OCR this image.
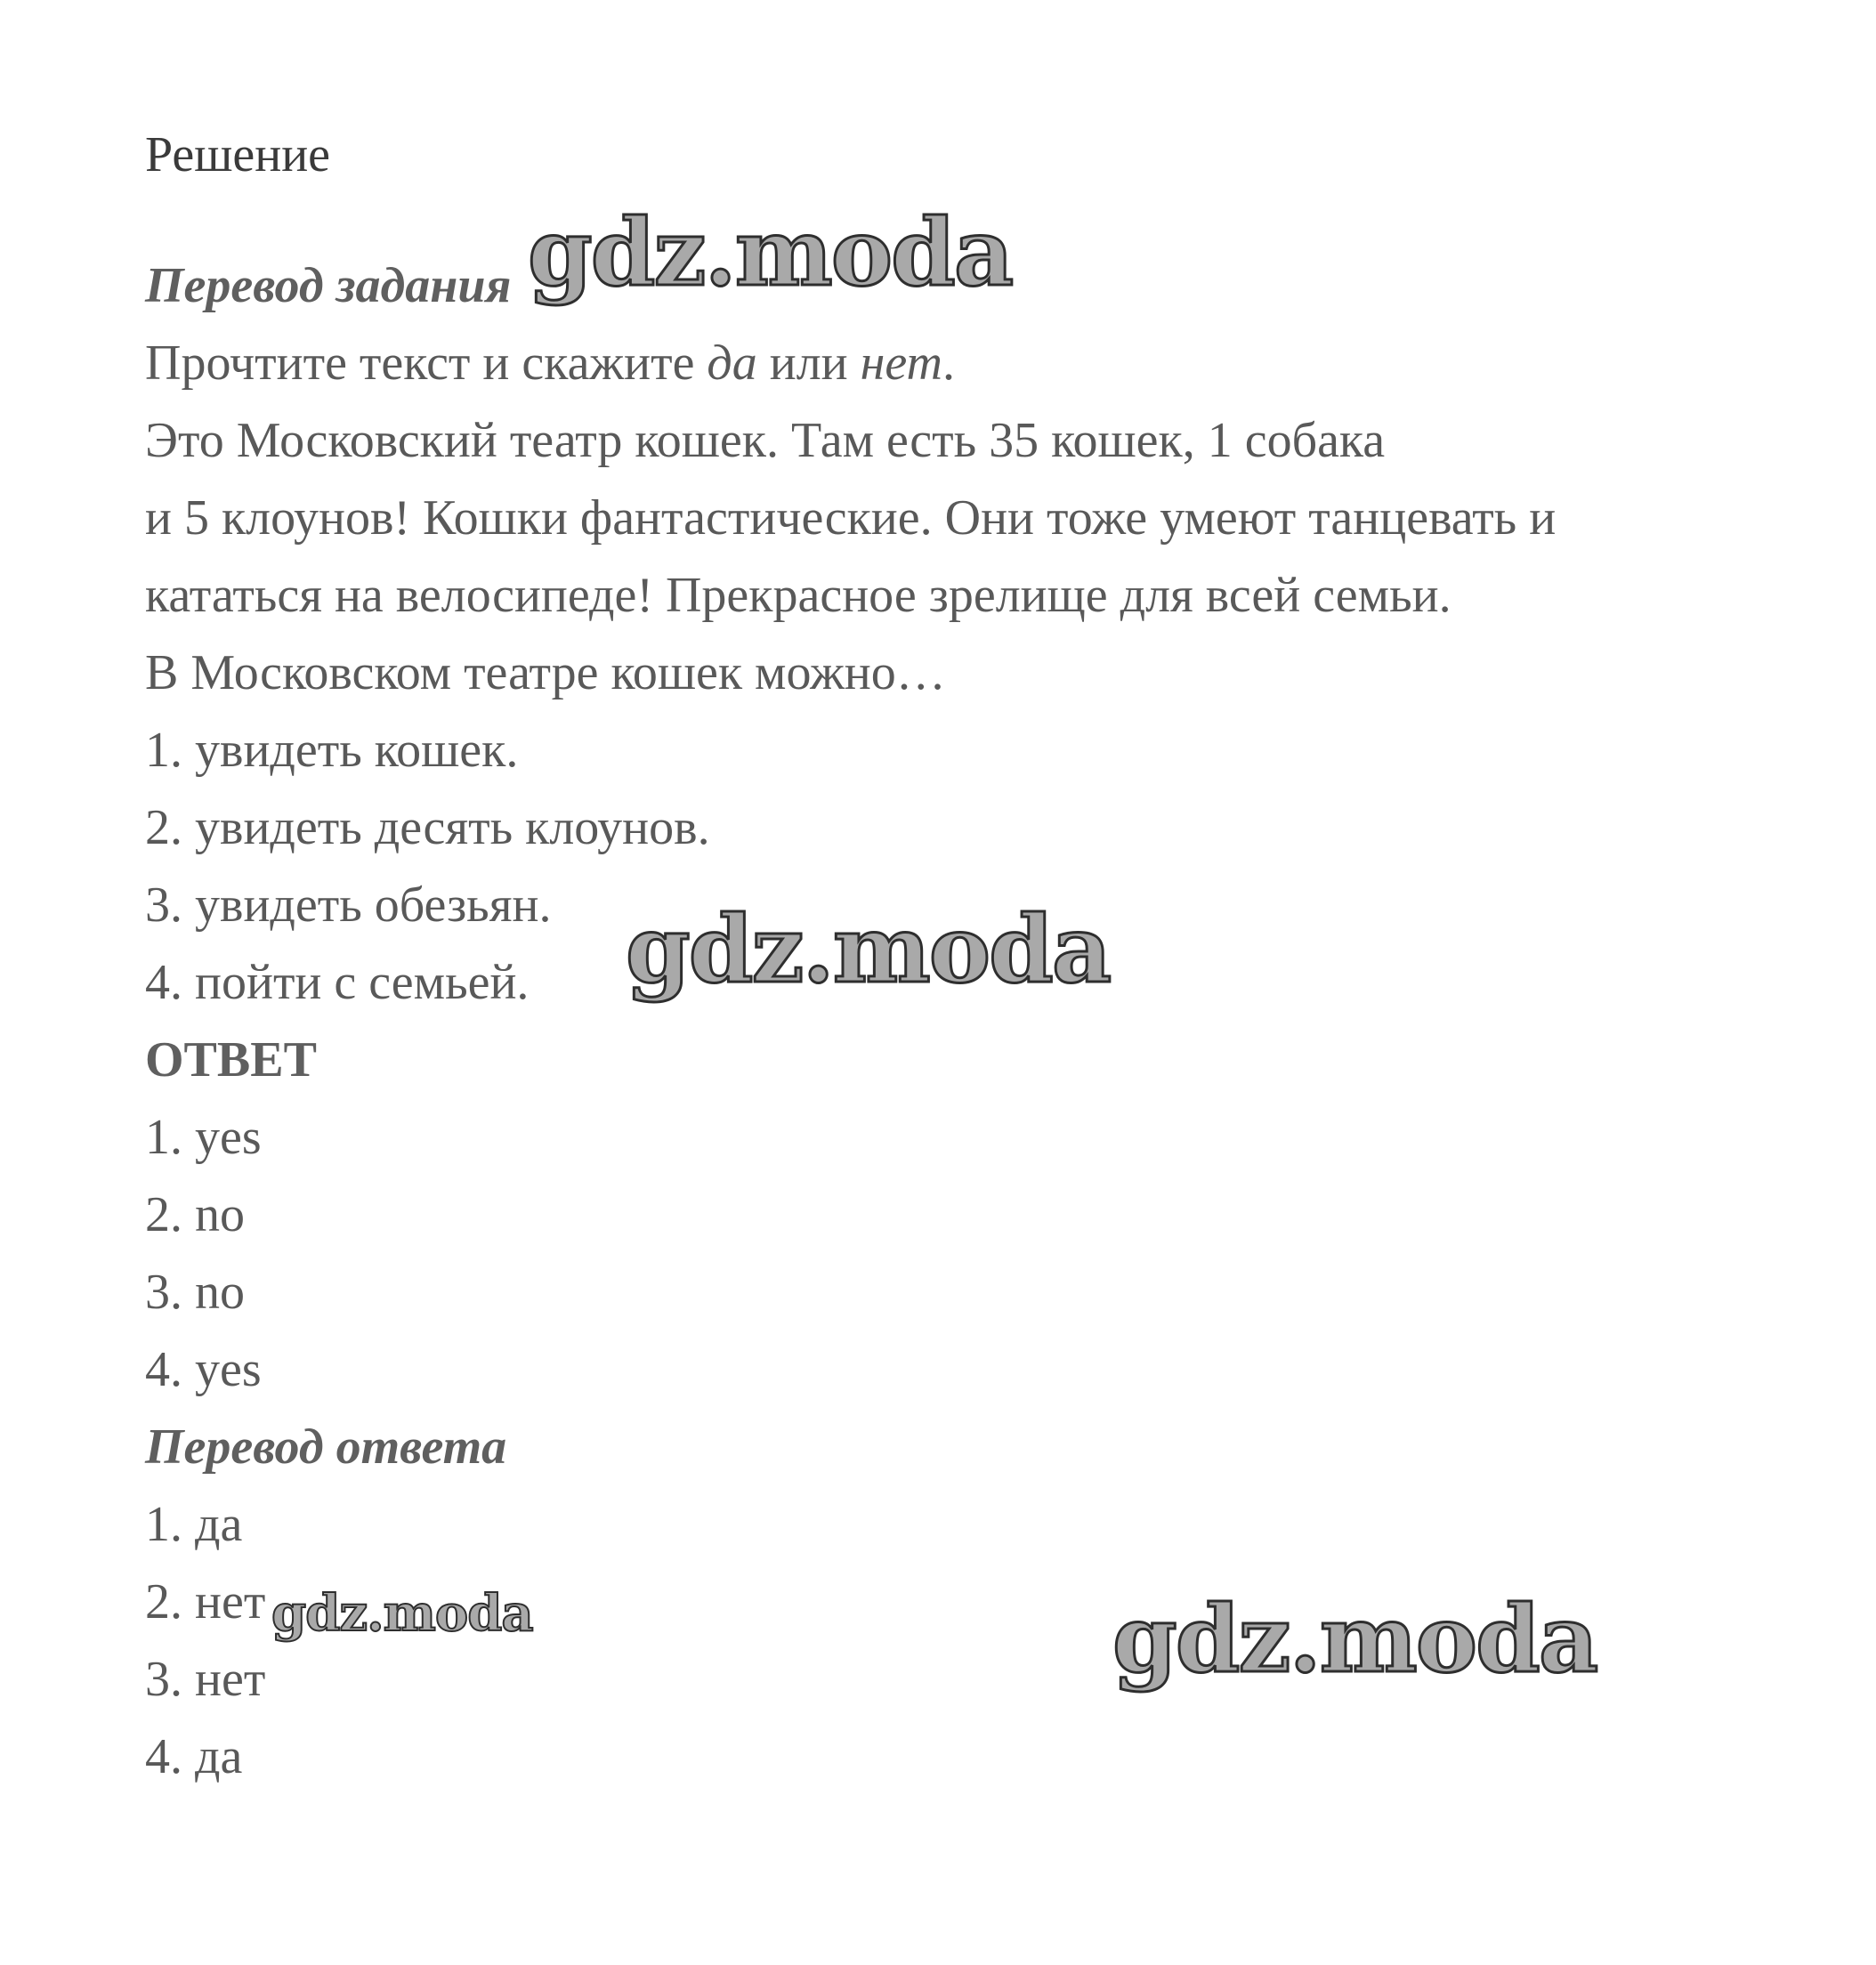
Решение
Перевод задания
Прочтите текст и скажите да или нет.
Это Московский театр кошек. Там есть 35 кошек, 1 собака
и 5 клоунов! Кошки фантастические. Они тоже умеют танцевать и
кататься на велосипеде! Прекрасное зрелище для всей семьи.
В Московском театре кошек можно…
1. увидеть кошек.
2. увидеть десять клоунов.
3. увидеть обезьян.
4. пойти с семьей.
ОТВЕТ
1. yes
2. no
3. no
4. yes
Перевод ответа
1. да
2. нет
3. нет
4. да
gdz.moda
gdz.moda
gdz.moda	gdz.moda
